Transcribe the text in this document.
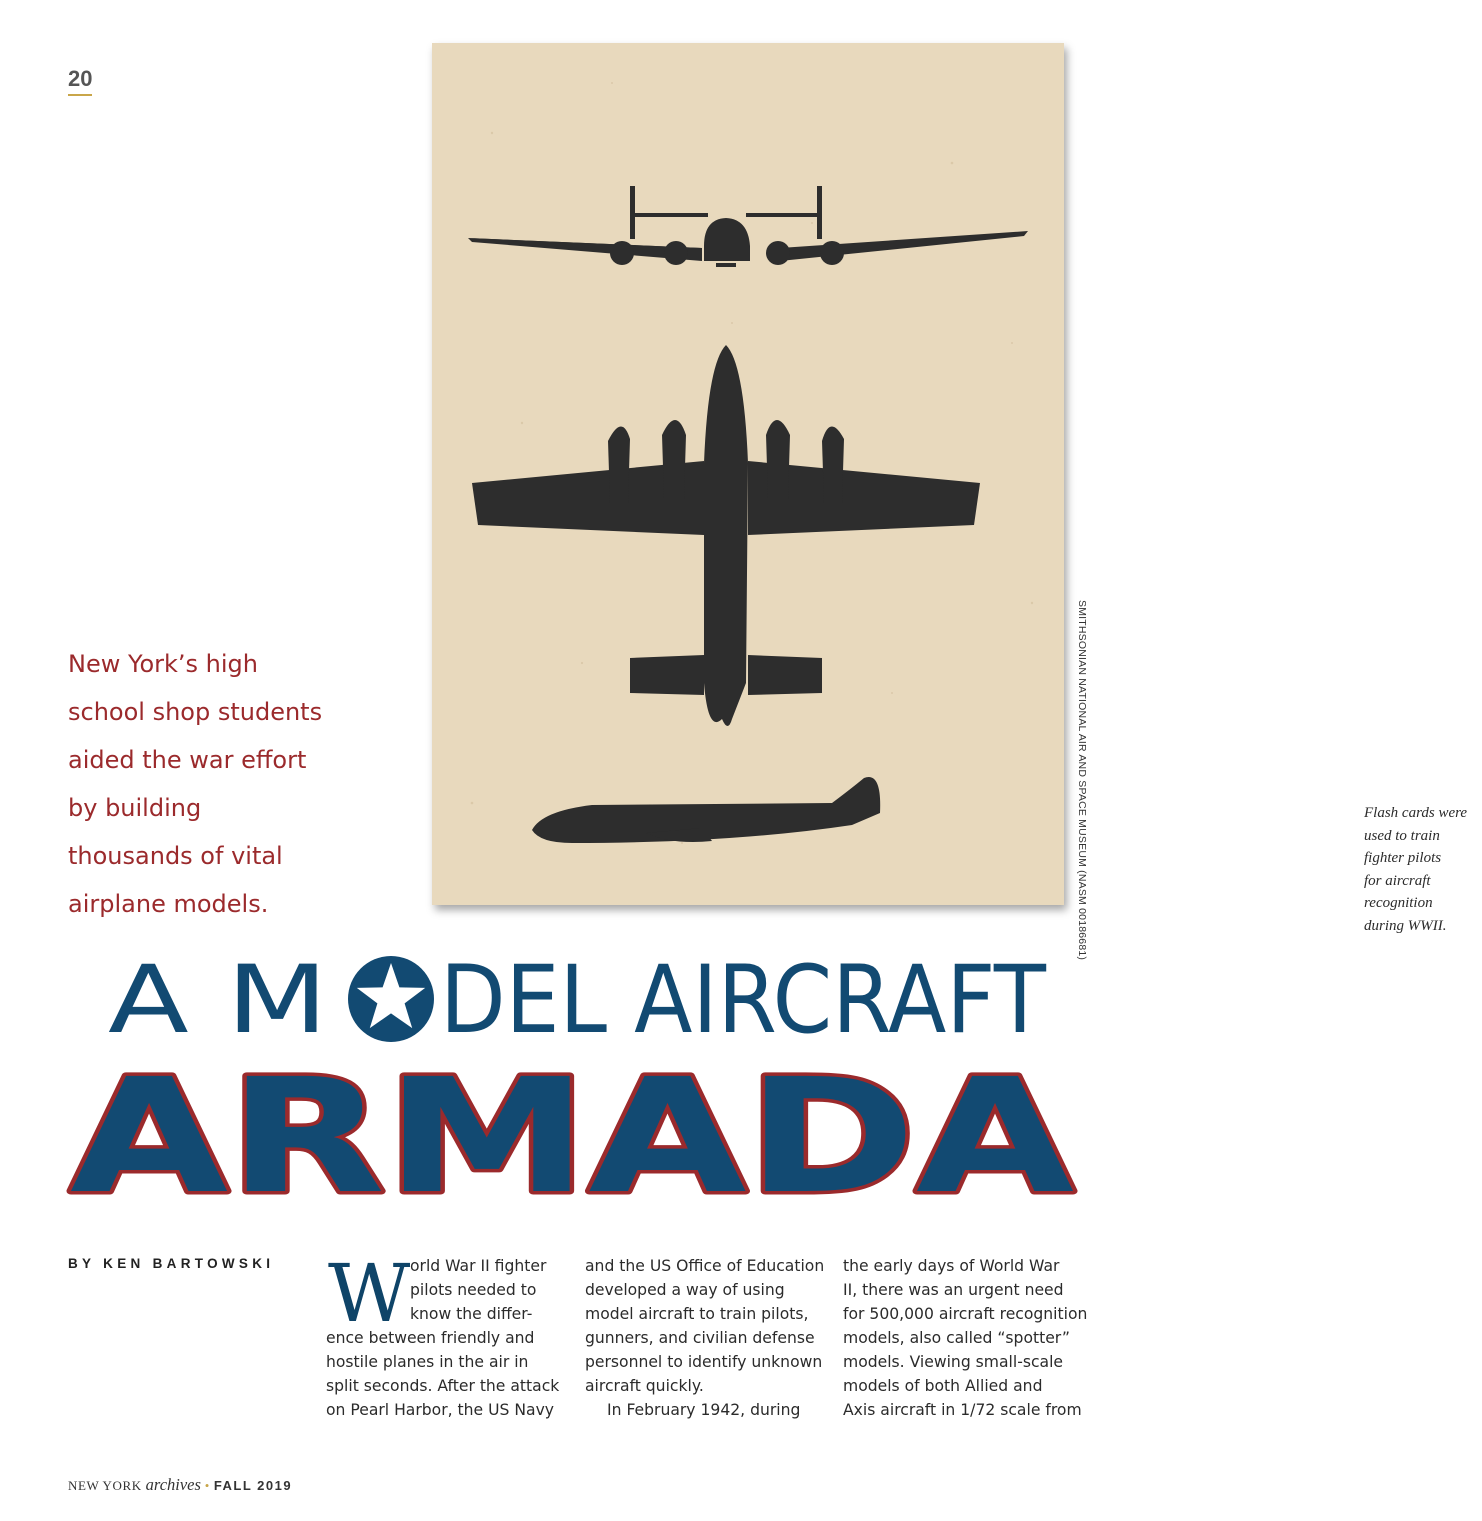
20
Flash cards were
used to train
fighter pilots
for aircraft
recognition
during WWII.
SMITHSONIAN NATIONAL AIR AND SPACE MUSEUM (NASM 00186681)
New York’s high
school shop students
aided the war effort
by building
thousands of vital
airplane models.
A M DEL AIRCRAFT
ARMADA
BY KEN BARTOWSKI W orld War II fighter
pilots needed to
know the differ-
ence between friendly and
hostile planes in the air in
split seconds. After the attack
on Pearl Harbor, the US Navy
and the US Office of Education
developed a way of using
model aircraft to train pilots,
gunners, and civilian defense
personnel to identify unknown
aircraft quickly.
In February 1942, during
the early days of World War
II, there was an urgent need
for 500,000 aircraft recognition
models, also called “spotter”
models. Viewing small-scale
models of both Allied and
Axis aircraft in 1/72 scale from
NEW YORK archives • FALL 2019
